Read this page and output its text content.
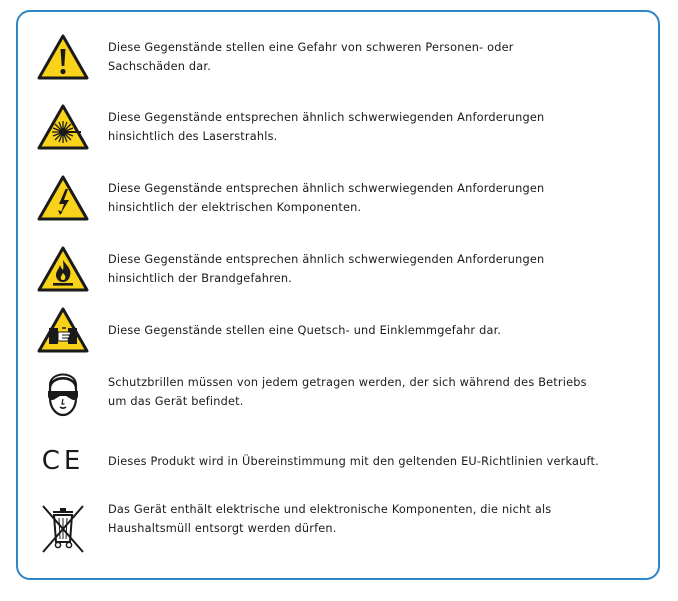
Diese Gegenstände stellen eine Gefahr von schweren Personen- oder
Sachschäden dar.
Diese Gegenstände entsprechen ähnlich schwerwiegenden Anforderungen
hinsichtlich des Laserstrahls.
Diese Gegenstände entsprechen ähnlich schwerwiegenden Anforderungen
hinsichtlich der elektrischen Komponenten.
Diese Gegenstände entsprechen ähnlich schwerwiegenden Anforderungen
hinsichtlich der Brandgefahren.
Diese Gegenstände stellen eine Quetsch- und Einklemmgefahr dar.
Schutzbrillen müssen von jedem getragen werden, der sich während des Betriebs
um das Gerät befindet.
CE Dieses Produkt wird in Übereinstimmung mit den geltenden EU-Richtlinien verkauft.
Das Gerät enthält elektrische und elektronische Komponenten, die nicht als
Haushaltsmüll entsorgt werden dürfen.
